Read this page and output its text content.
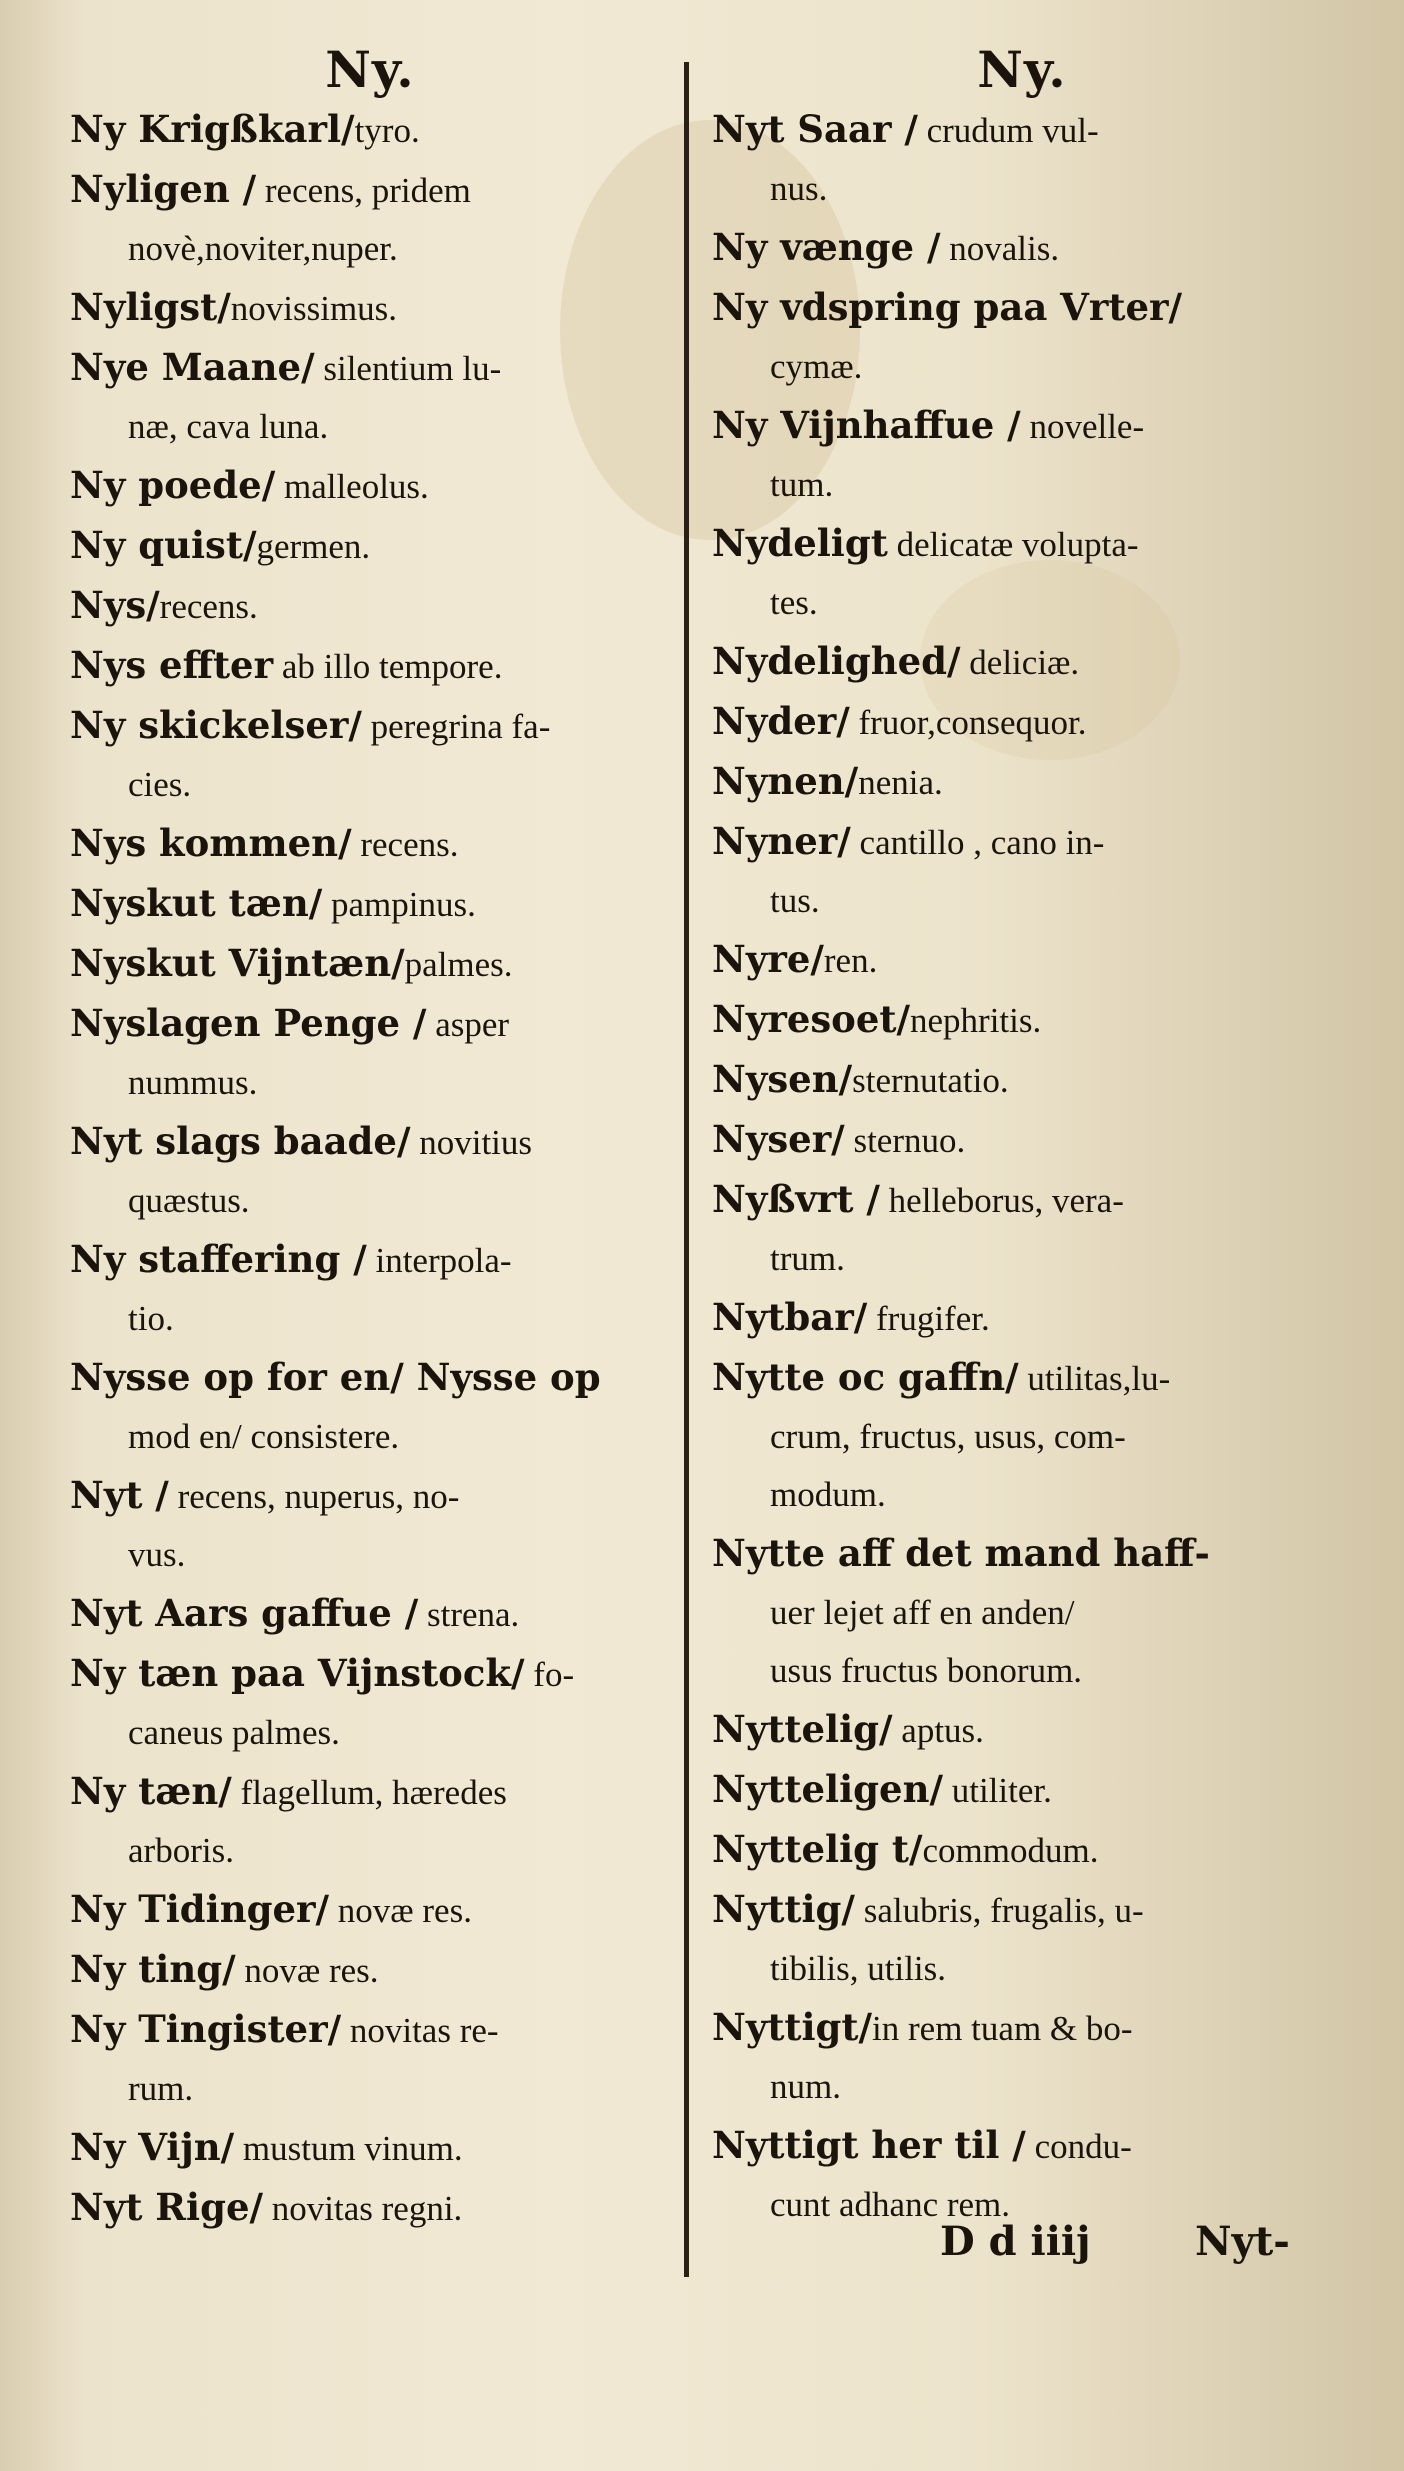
Ny.
Ny Krigßkarl/tyro.
Nyligen / recens, pridem
novè,noviter,nuper.
Nyligst/novissimus.
Nye Maane/ silentium lu-
næ, cava luna.
Ny poede/ malleolus.
Ny quist/germen.
Nys/recens.
Nys effter ab illo tempore.
Ny skickelser/ peregrina fa-
cies.
Nys kommen/ recens.
Nyskut tæn/ pampinus.
Nyskut Vijntæn/palmes.
Nyslagen Penge / asper
nummus.
Nyt slags baade/ novitius
quæstus.
Ny staffering / interpola-
tio.
Nysse op for en/ Nysse op
mod en/ consistere.
Nyt / recens, nuperus, no-
vus.
Nyt Aars gaffue / strena.
Ny tæn paa Vijnstock/ fo-
caneus palmes.
Ny tæn/ flagellum, hæredes
arboris.
Ny Tidinger/ novæ res.
Ny ting/ novæ res.
Ny Tingister/ novitas re-
rum.
Ny Vijn/ mustum vinum.
Nyt Rige/ novitas regni.
Ny.
Nyt Saar / crudum vul-
nus.
Ny vænge / novalis.
Ny vdspring paa Vrter/
cymæ.
Ny Vijnhaffue / novelle-
tum.
Nydeligt delicatæ volupta-
tes.
Nydelighed/ deliciæ.
Nyder/ fruor,consequor.
Nynen/nenia.
Nyner/ cantillo , cano in-
tus.
Nyre/ren.
Nyresoet/nephritis.
Nysen/sternutatio.
Nyser/ sternuo.
Nyßvrt / helleborus, vera-
trum.
Nytbar/ frugifer.
Nytte oc gaffn/ utilitas,lu-
crum, fructus, usus, com-
modum.
Nytte aff det mand haff-
uer lejet aff en anden/
usus fructus bonorum.
Nyttelig/ aptus.
Nytteligen/ utiliter.
Nyttelig t/commodum.
Nyttig/ salubris, frugalis, u-
tibilis, utilis.
Nyttigt/in rem tuam & bo-
num.
Nyttigt her til / condu-
cunt adhanc rem.
D d iiij	Nyt-
